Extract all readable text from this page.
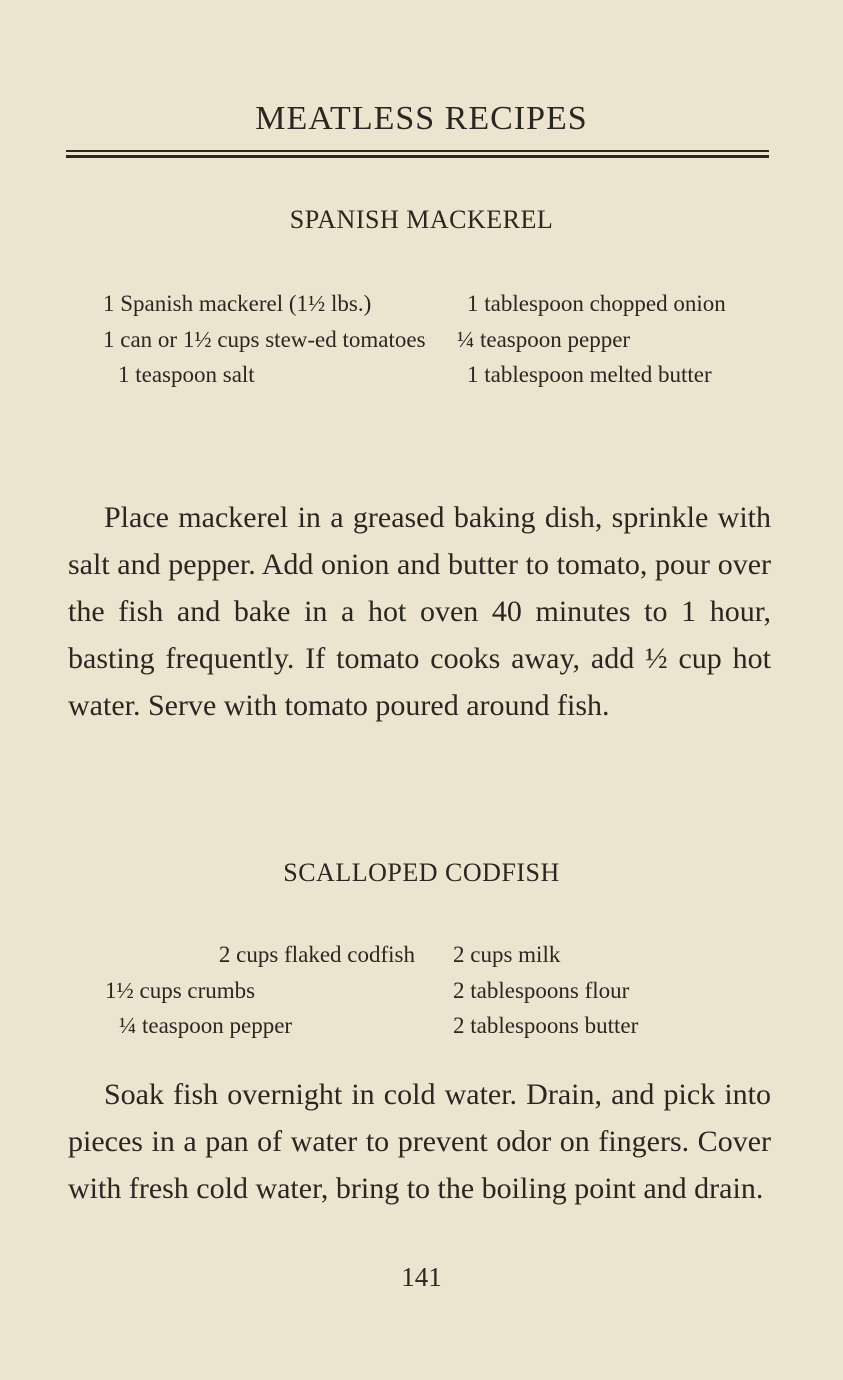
MEATLESS RECIPES
SPANISH MACKEREL
1 Spanish mackerel (1½ lbs.)
1 can or 1½ cups stew-ed tomatoes
1 teaspoon salt
1 tablespoon chopped onion
¼ teaspoon pepper
1 tablespoon melted butter

Place mackerel in a greased baking dish, sprinkle with salt and pepper. Add onion and butter to tomato, pour over the fish and bake in a hot oven 40 minutes to 1 hour, basting frequently. If tomato cooks away, add ½ cup hot water. Serve with tomato poured around fish.

SCALLOPED CODFISH
2 cups flaked codfish
1½ cups crumbs
¼ teaspoon pepper
2 cups milk
2 tablespoons flour
2 tablespoons butter

Soak fish overnight in cold water. Drain, and pick into pieces in a pan of water to prevent odor on fingers. Cover with fresh cold water, bring to the boiling point and drain.

141
